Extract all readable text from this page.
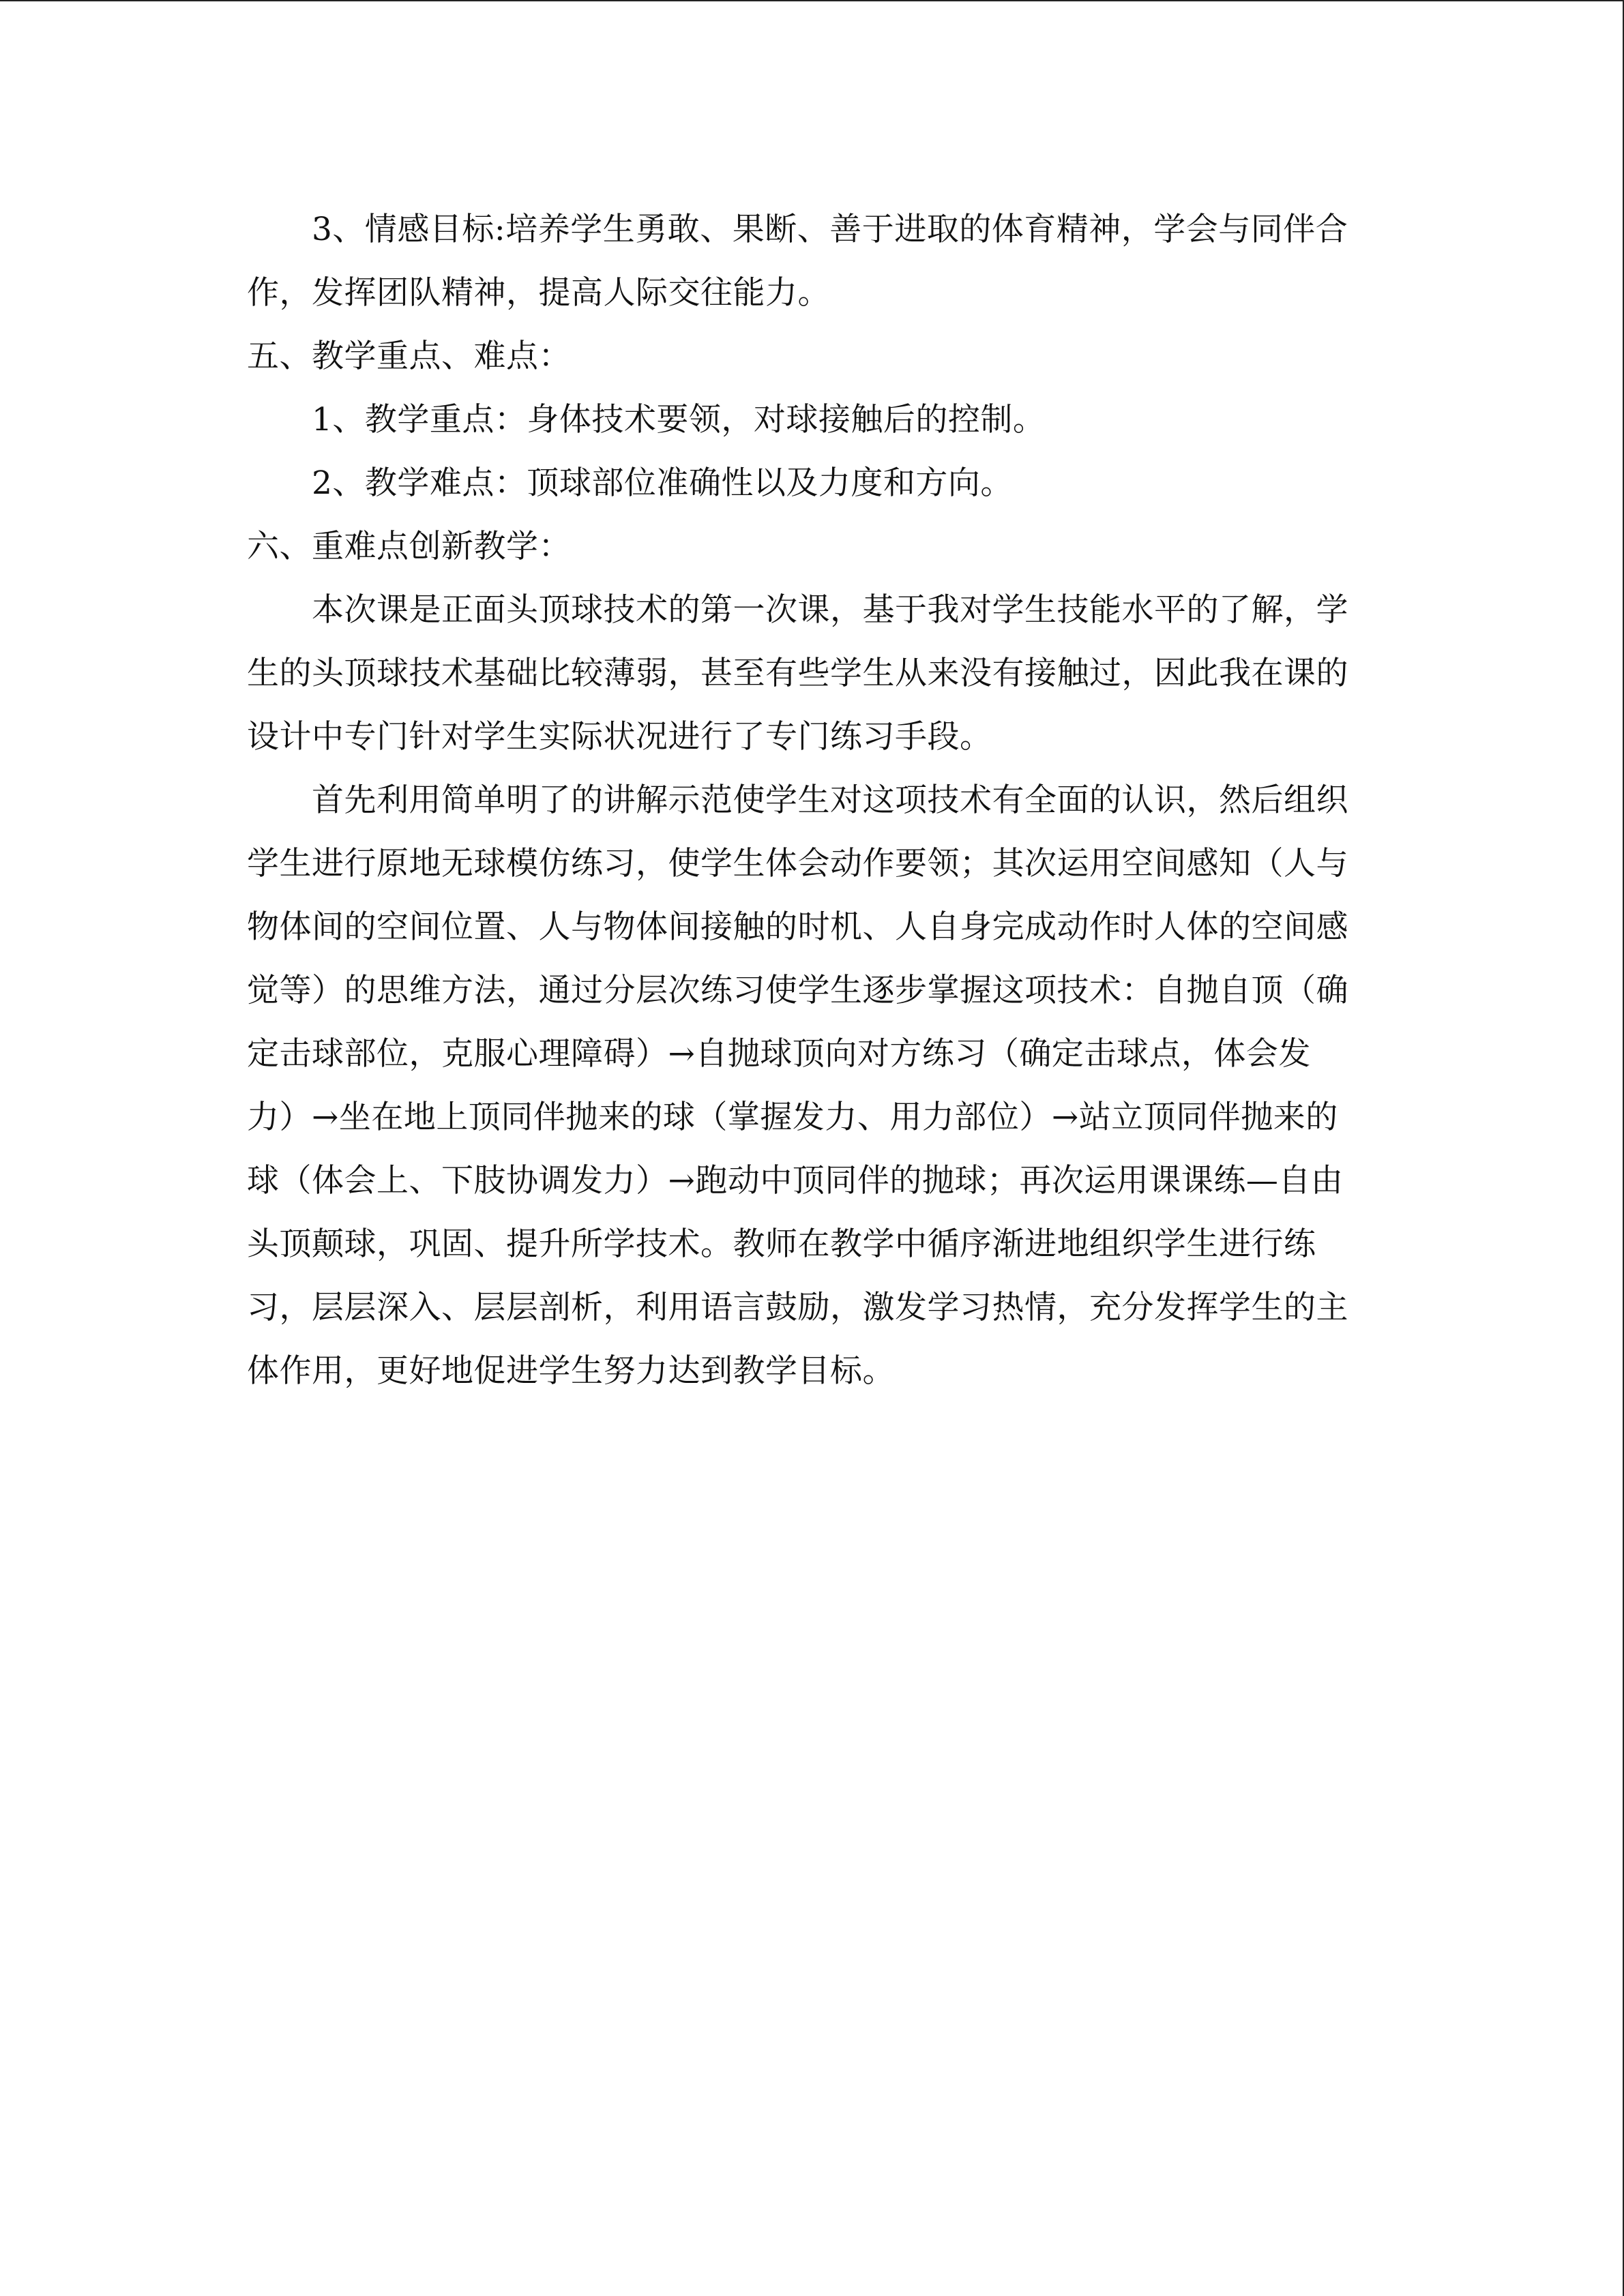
3、情感目标:培养学生勇敢、果断、善于进取的体育精神，学会与同伴合
作，发挥团队精神，提高人际交往能力。
五、教学重点、难点：
1、教学重点：身体技术要领，对球接触后的控制。
2、教学难点：顶球部位准确性以及力度和方向。
六、重难点创新教学：
本次课是正面头顶球技术的第一次课，基于我对学生技能水平的了解，学
生的头顶球技术基础比较薄弱，甚至有些学生从来没有接触过，因此我在课的
设计中专门针对学生实际状况进行了专门练习手段。
首先利用简单明了的讲解示范使学生对这项技术有全面的认识，然后组织
学生进行原地无球模仿练习，使学生体会动作要领；其次运用空间感知（人与
物体间的空间位置、人与物体间接触的时机、人自身完成动作时人体的空间感
觉等）的思维方法，通过分层次练习使学生逐步掌握这项技术：自抛自顶（确
定击球部位，克服心理障碍）→自抛球顶向对方练习（确定击球点，体会发
力）→坐在地上顶同伴抛来的球（掌握发力、用力部位）→站立顶同伴抛来的
球（体会上、下肢协调发力）→跑动中顶同伴的抛球；再次运用课课练—自由
头顶颠球，巩固、提升所学技术。教师在教学中循序渐进地组织学生进行练
习，层层深入、层层剖析，利用语言鼓励，激发学习热情，充分发挥学生的主
体作用，更好地促进学生努力达到教学目标。
